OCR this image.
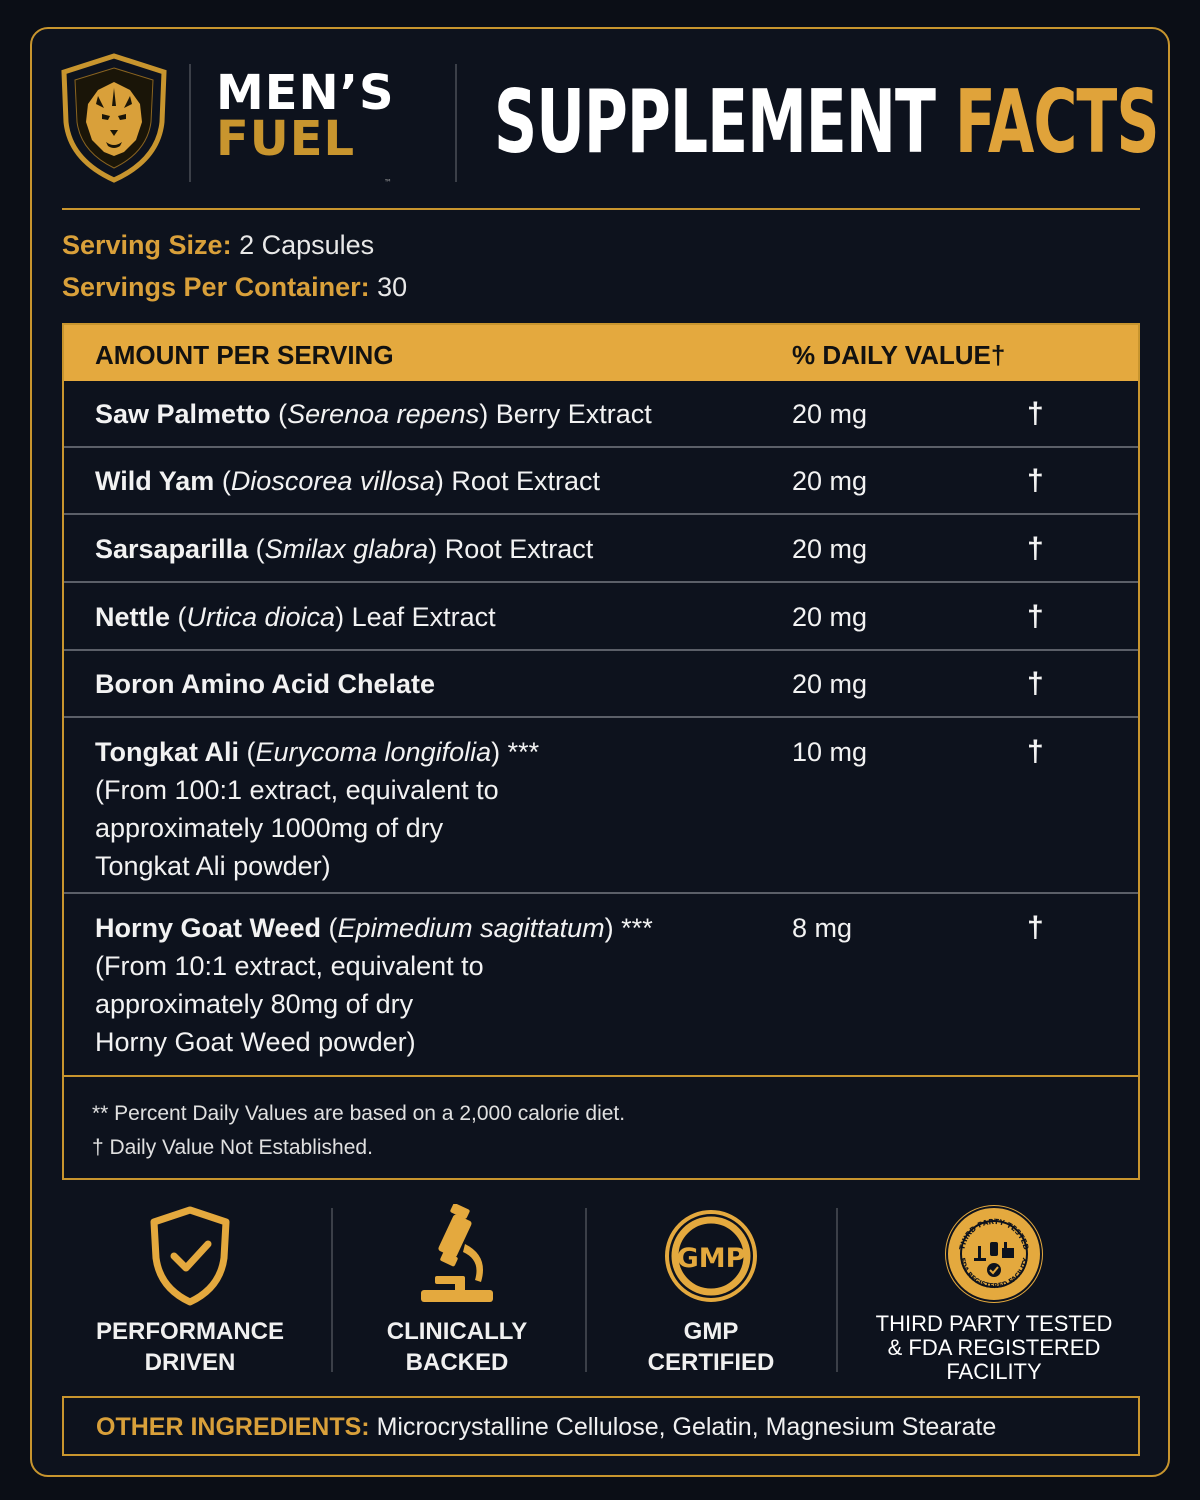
MEN’S
FUEL
™
SUPPLEMENT FACTS
Serving Size: 2 Capsules
Servings Per Container: 30
AMOUNT PER SERVING	% DAILY VALUE†
Saw Palmetto (Serenoa repens) Berry Extract	20 mg	†
Wild Yam (Dioscorea villosa) Root Extract	20 mg	†
Sarsaparilla (Smilax glabra) Root Extract	20 mg	†
Nettle (Urtica dioica) Leaf Extract	20 mg	†
Boron Amino Acid Chelate	20 mg	†
Tongkat Ali (Eurycoma longifolia) ***
(From 100:1 extract, equivalent to
approximately 1000mg of dry
Tongkat Ali powder)
10 mg	†
Horny Goat Weed (Epimedium sagittatum) ***
(From 10:1 extract, equivalent to
approximately 80mg of dry
Horny Goat Weed powder)
8 mg	†
** Percent Daily Values are based on a 2,000 calorie diet.
† Daily Value Not Established.
PERFORMANCE
DRIVEN
CLINICALLY
BACKED
GMP
GMP
CERTIFIED
THIRD PARTY TESTED
FDA REGISTERED FACILITY
THIRD PARTY TESTED
& FDA REGISTERED
FACILITY
OTHER INGREDIENTS: Microcrystalline Cellulose, Gelatin, Magnesium Stearate
